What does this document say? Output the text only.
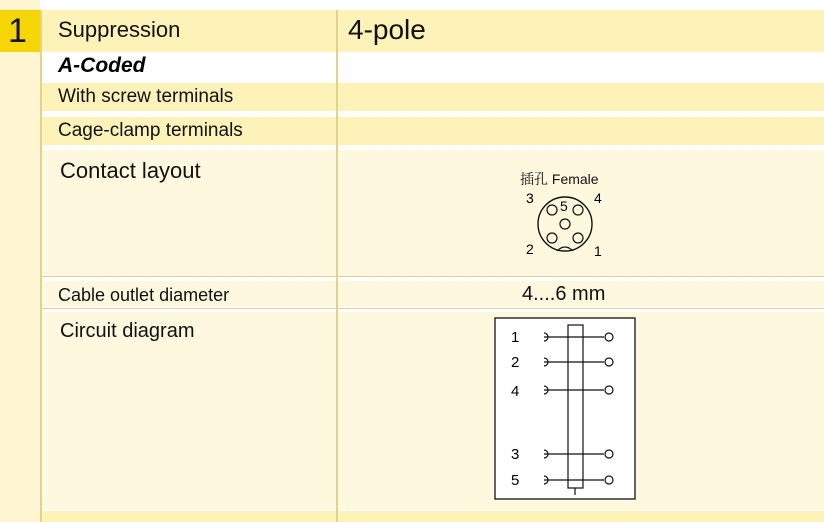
1 Suppression	4-pole
A-Coded
With screw terminals
Cage-clamp terminals
Contact layout	插孔 Female
3 5 4
2	1
Cable outlet diameter	4....6 mm
Circuit diagram	1
2
4
3
5
